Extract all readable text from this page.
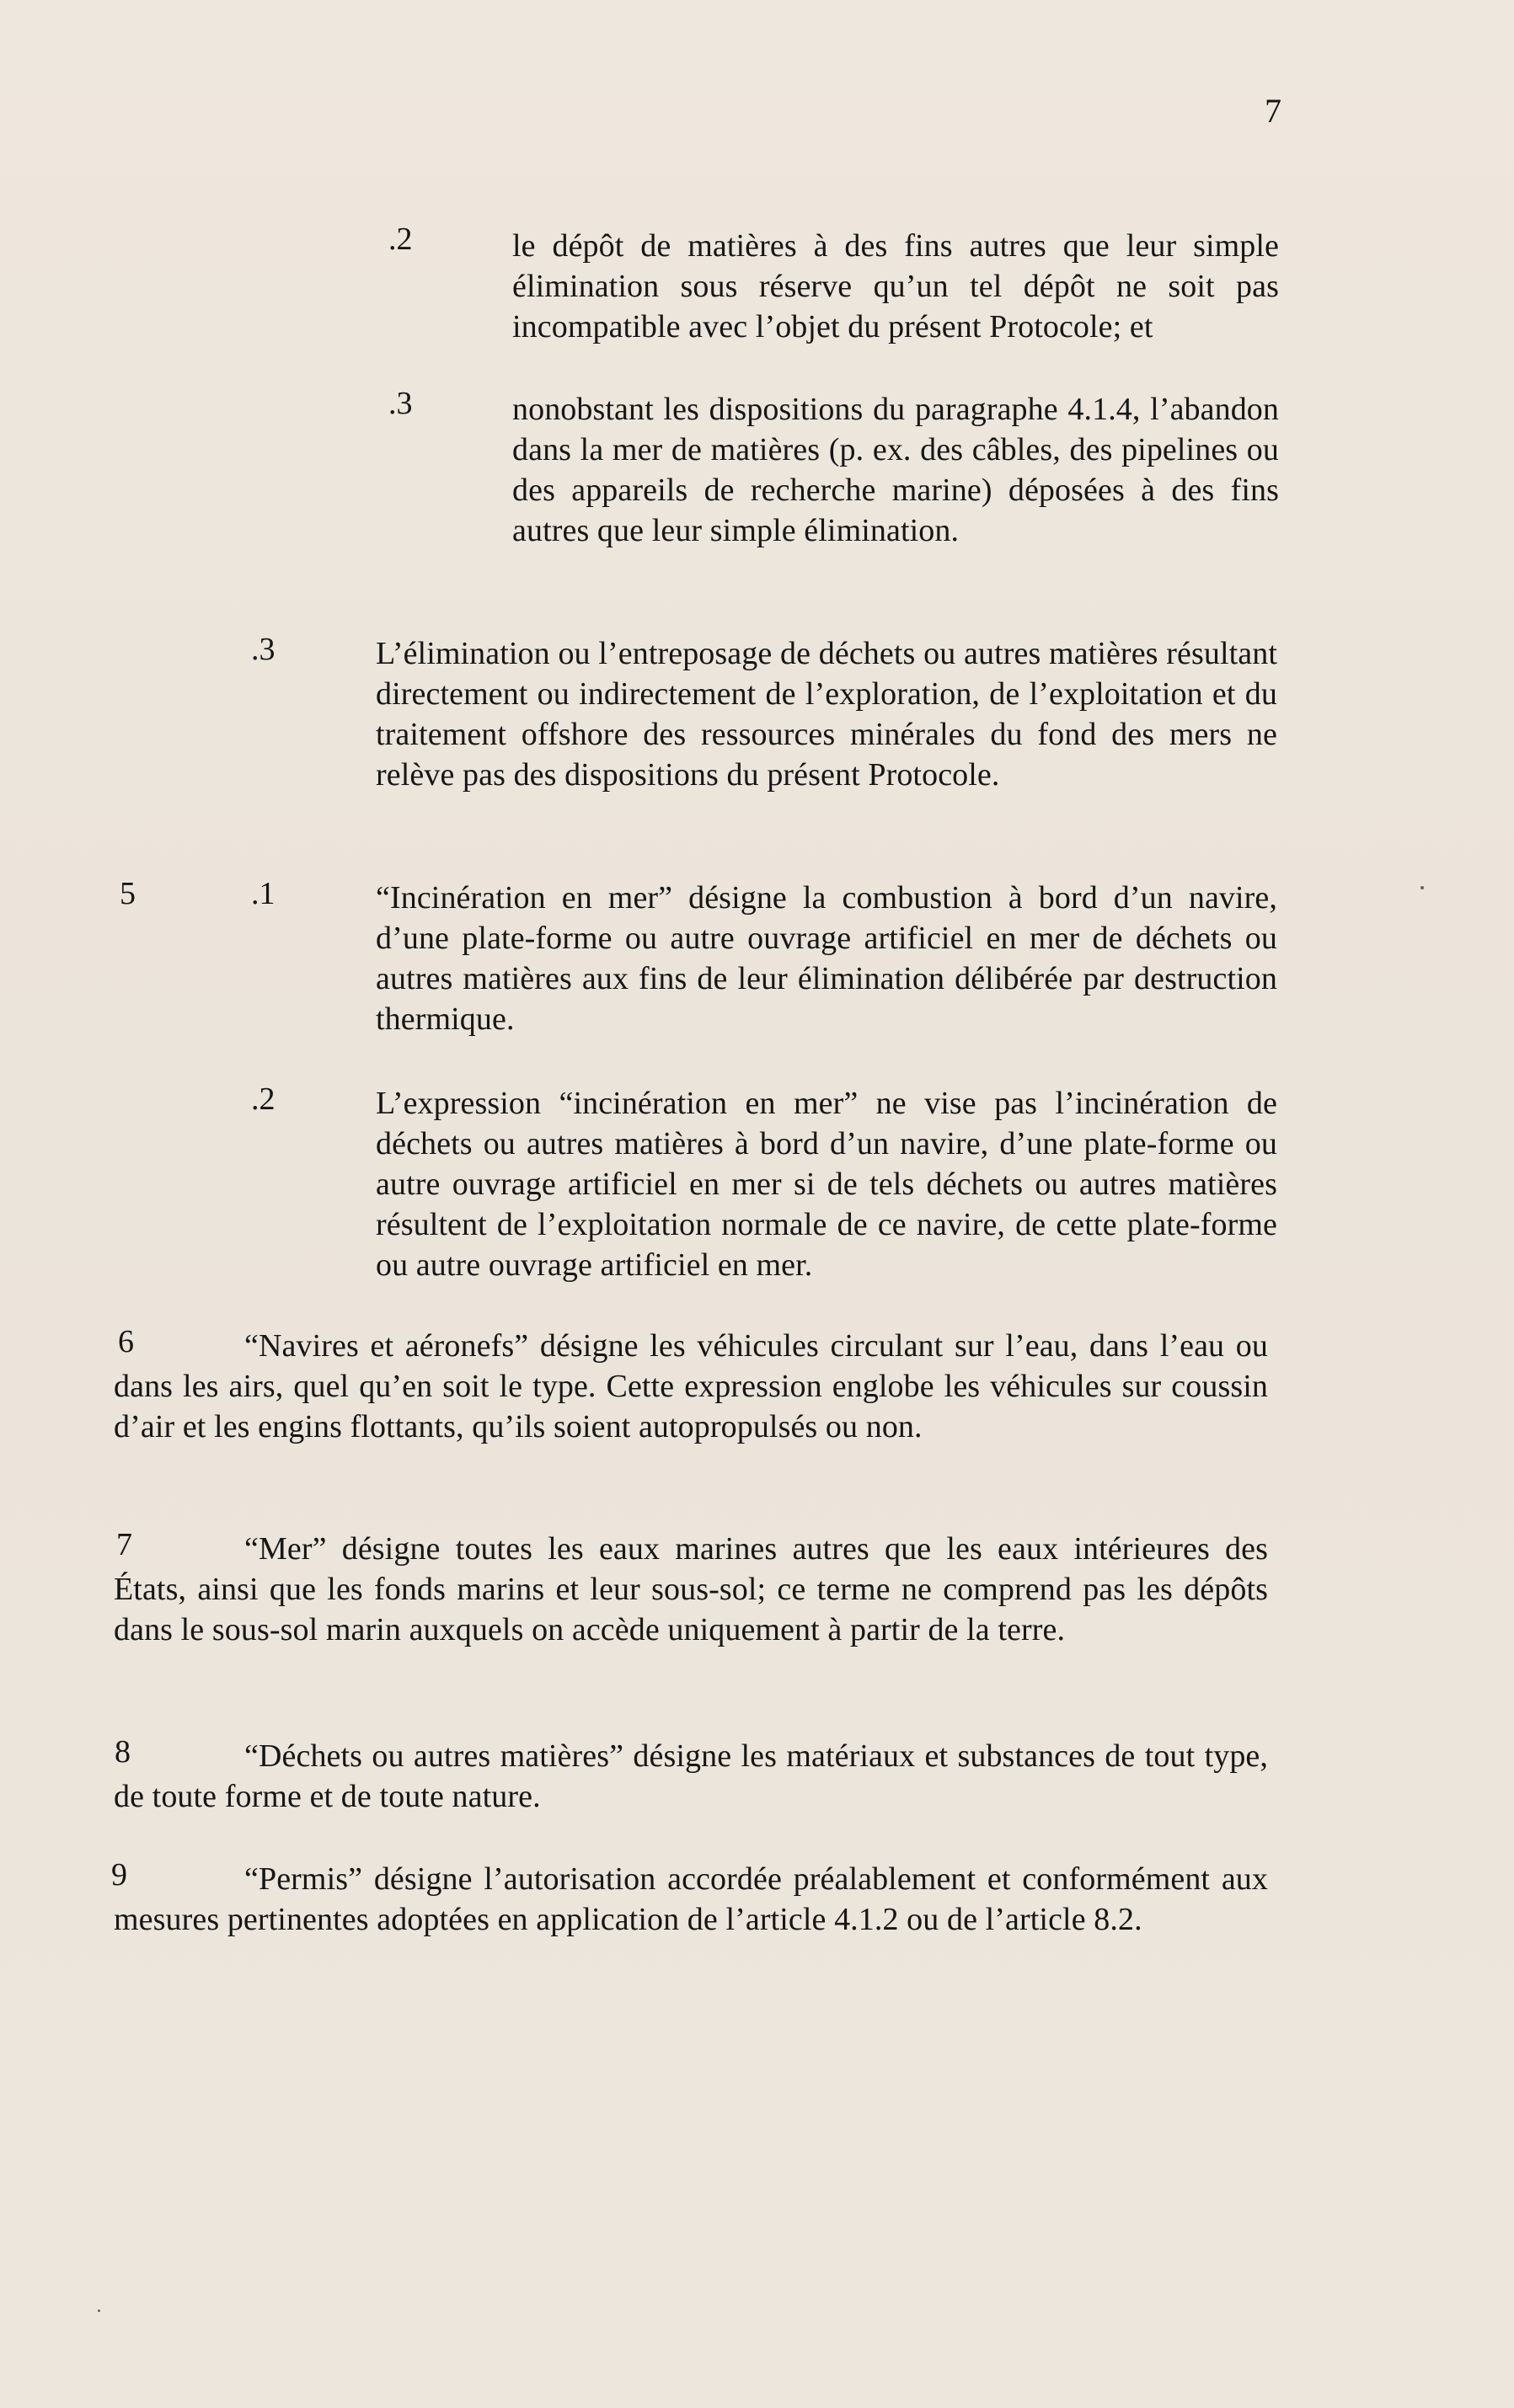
7
.2	le dépôt de matières à des fins autres que leur simple élimination sous réserve qu’un tel dépôt ne soit pas incompatible avec l’objet du présent Protocole; et

.3	nonobstant les dispositions du paragraphe 4.1.4, l’abandon dans la mer de matières (p. ex. des câbles, des pipelines ou des appareils de recherche marine) déposées à des fins autres que leur simple élimination.

.3	L’élimination ou l’entreposage de déchets ou autres matières résultant directement ou indirectement de l’exploration, de l’exploitation et du traitement offshore des ressources minérales du fond des mers ne relève pas des dispositions du présent Protocole.

5	.1	“Incinération en mer” désigne la combustion à bord d’un navire, d’une plate-forme ou autre ouvrage artificiel en mer de déchets ou autres matières aux fins de leur élimination délibérée par destruction thermique.

.2	L’expression “incinération en mer” ne vise pas l’incinération de déchets ou autres matières à bord d’un navire, d’une plate-forme ou autre ouvrage artificiel en mer si de tels déchets ou autres matières résultent de l’exploitation normale de ce navire, de cette plate-forme ou autre ouvrage artificiel en mer.

6	“Navires et aéronefs” désigne les véhicules circulant sur l’eau, dans l’eau ou dans les airs, quel qu’en soit le type. Cette expression englobe les véhicules sur coussin d’air et les engins flottants, qu’ils soient autopropulsés ou non.

7	“Mer” désigne toutes les eaux marines autres que les eaux intérieures des États, ainsi que les fonds marins et leur sous-sol; ce terme ne comprend pas les dépôts dans le sous-sol marin auxquels on accède uniquement à partir de la terre.

8	“Déchets ou autres matières” désigne les matériaux et substances de tout type, de toute forme et de toute nature.

9	“Permis” désigne l’autorisation accordée préalablement et conformément aux mesures pertinentes adoptées en application de l’article 4.1.2 ou de l’article 8.2.
